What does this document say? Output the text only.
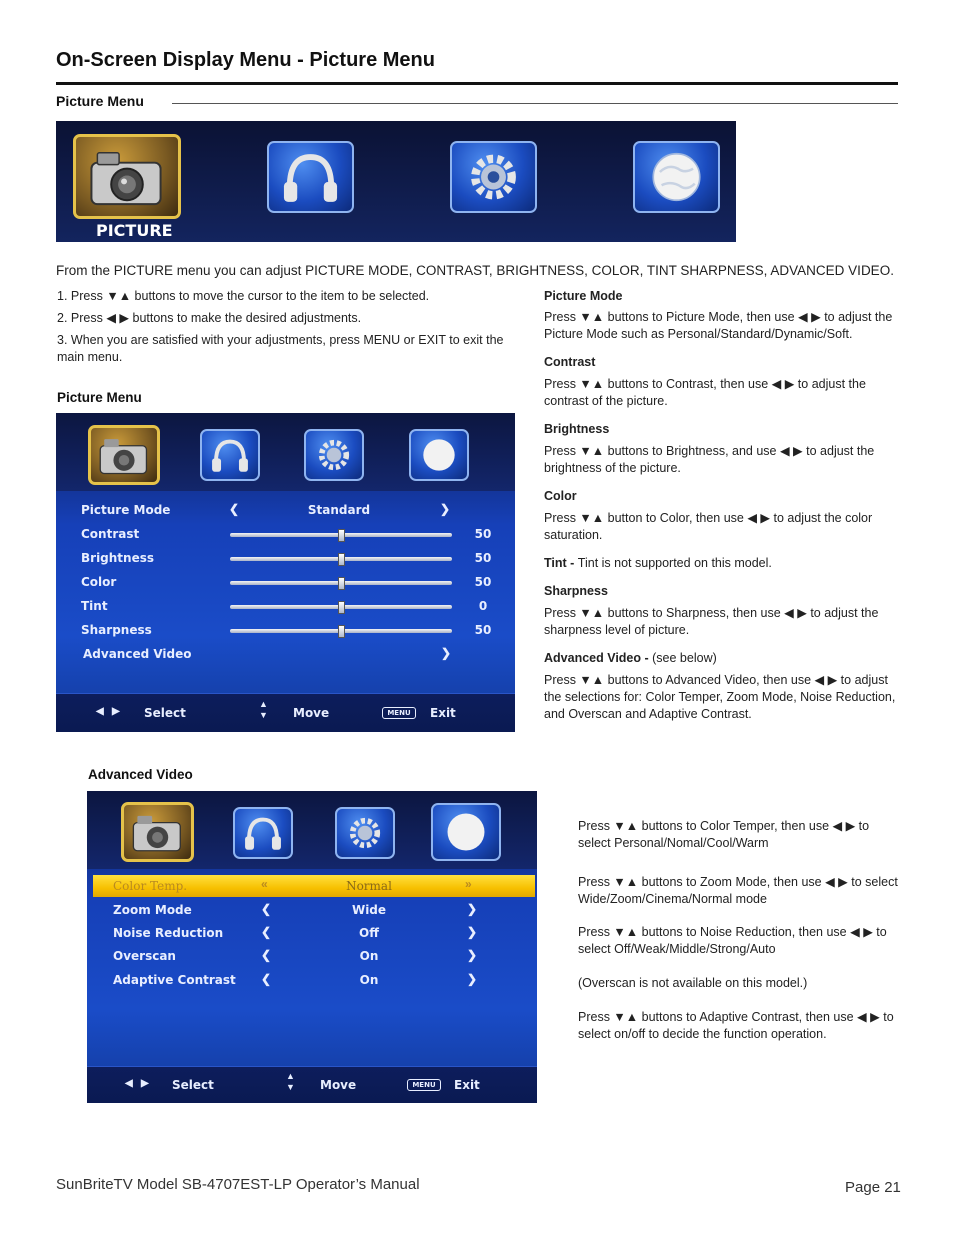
On-Screen Display Menu - Picture Menu
Picture Menu
PICTURE
From the PICTURE menu you can adjust PICTURE MODE, CONTRAST, BRIGHTNESS, COLOR, TINT SHARPNESS, ADVANCED VIDEO.
1. Press ▼▲ buttons to move the cursor to the item to be selected.
2. Press ◀ ▶ buttons to make the desired adjustments.
3. When you are satisfied with your adjustments, press MENU or EXIT to exit the main menu.
Picture Menu
Picture Mode	❮	Standard	❯
Contrast	50
Brightness	50
Color	50
Tint	0
Sharpness	50
Advanced Video	❯
◀   ▶ Select
▲
▼ Move	MENU	Exit
Picture Mode
Press ▼▲ buttons to Picture Mode, then use ◀ ▶ to adjust the Picture Mode such as Personal/Standard/Dynamic/Soft.
Contrast
Press ▼▲ buttons to Contrast, then use ◀ ▶ to adjust the contrast of the picture.
Brightness
Press ▼▲ buttons to Brightness, and use ◀ ▶ to adjust the brightness of the picture.
Color
Press ▼▲ button to Color, then use ◀ ▶ to adjust the color saturation.
Tint - Tint is not supported on this model.
Sharpness
Press ▼▲ buttons to Sharpness, then use ◀ ▶ to adjust the sharpness level of picture.
Advanced Video - (see below)
Press ▼▲ buttons to Advanced Video, then use ◀ ▶ to adjust the selections for: Color Temper, Zoom Mode, Noise Reduction, and Overscan and Adaptive Contrast.
Advanced Video
Color Temp.	«	Normal	»
Zoom Mode	❮	Wide	❯
Noise Reduction	❮	Off	❯
Overscan	❮	On	❯
Adaptive Contrast ❮	On	❯
◀   ▶ Select
▲
▼ Move	MENU	Exit
Press ▼▲ buttons to Color Temper, then use ◀ ▶ to select Personal/Nomal/Cool/Warm
Press ▼▲ buttons to Zoom Mode, then use ◀ ▶ to select Wide/Zoom/Cinema/Normal mode
Press ▼▲ buttons to Noise Reduction, then use ◀ ▶ to select Off/Weak/Middle/Strong/Auto
(Overscan is not available on this model.)
Press ▼▲ buttons to Adaptive Contrast, then use ◀ ▶ to select on/off to decide the function operation.
SunBriteTV Model SB-4707EST-LP Operator’s Manual	Page 21
